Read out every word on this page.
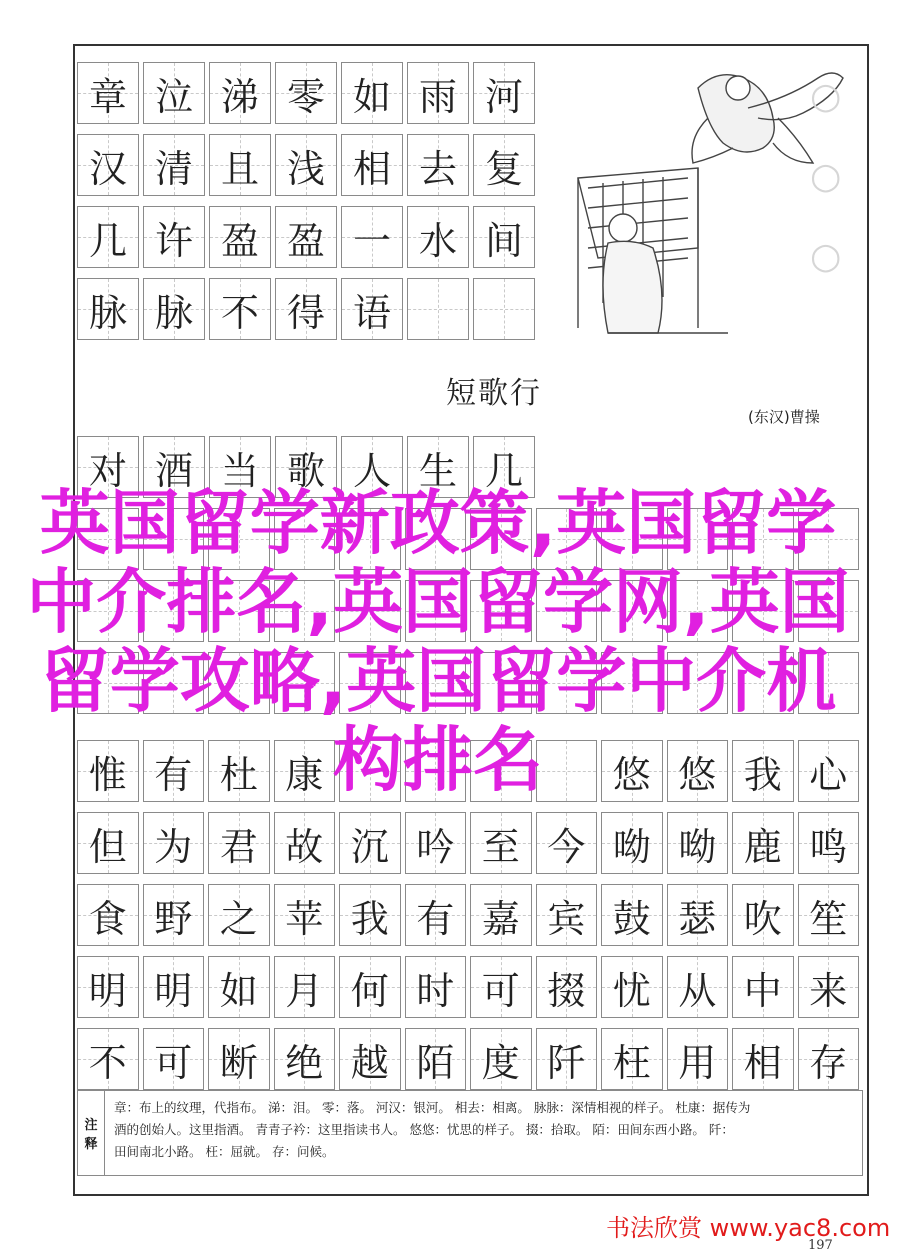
章 泣 涕 零 如 雨 河
汉 清 且 浅 相 去 复
几 许 盈 盈 一 水 间
脉 脉 不 得 语
○
○
○
短歌行
(东汉)曹操
对 酒 当 歌 人 生 几
惟 有 杜 康	悠 悠 我 心
但 为 君 故 沉 吟 至 今 呦 呦 鹿 鸣
食 野 之 苹 我 有 嘉 宾 鼓 瑟 吹 笙
明 明 如 月 何 时 可 掇 忧 从 中 来
不 可 断 绝 越 陌 度 阡 枉 用 相 存
英国留学新政策,英国留学中介排名,英国留学网,英国留学攻略,英国留学中介机构排名
注
释
章：布上的纹理，代指布。 涕：泪。 零：落。 河汉：银河。 相去：相离。 脉脉：深情相视的样子。 杜康：据传为
酒的创始人。这里指酒。 青青子衿：这里指读书人。 悠悠：忧思的样子。 掇：拾取。 陌：田间东西小路。 阡：
田间南北小路。 枉：屈就。 存：问候。
书法欣赏 www.yac8.com
197
